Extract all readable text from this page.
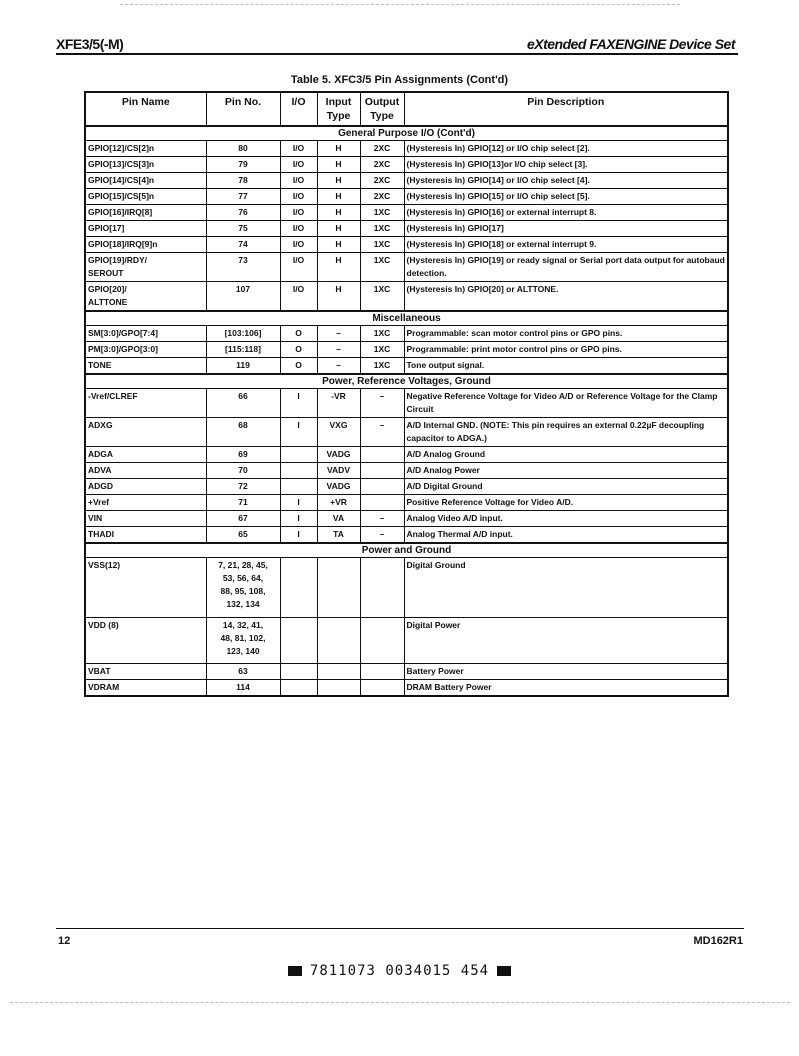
XFE3/5(-M)	eXtended FAXENGINE Device Set
Table 5. XFC3/5 Pin Assignments (Cont'd)
Pin Name	Pin No.	I/O	Input Type	Output Type	Pin Description
General Purpose I/O (Cont'd)					
GPIO[12]/CS[2]n	80	I/O	H	2XC	(Hysteresis In) GPIO[12] or I/O chip select [2].
GPIO[13]/CS[3]n	79	I/O	H	2XC	(Hysteresis In) GPIO[13]or I/O chip select [3].
GPIO[14]/CS[4]n	78	I/O	H	2XC	(Hysteresis In) GPIO[14] or I/O chip select [4].
GPIO[15]/CS[5]n	77	I/O	H	2XC	(Hysteresis In) GPIO[15] or I/O chip select [5].
GPIO[16]/IRQ[8]	76	I/O	H	1XC	(Hysteresis In) GPIO[16] or external interrupt 8.
GPIO[17]	75	I/O	H	1XC	(Hysteresis In) GPIO[17]
GPIO[18]/IRQ[9]n	74	I/O	H	1XC	(Hysteresis In) GPIO[18] or external interrupt 9.
GPIO[19]/RDY/
SEROUT	73	I/O	H	1XC	(Hysteresis In) GPIO[19] or ready signal or Serial port data output for autobaud detection.
GPIO[20]/
ALTTONE	107	I/O	H	1XC	(Hysteresis In) GPIO[20] or ALTTONE.
Miscellaneous					
SM[3:0]/GPO[7:4]	[103:106]	O	–	1XC	Programmable: scan motor control pins or GPO pins.
PM[3:0]/GPO[3:0]	[115:118]	O	–	1XC	Programmable: print motor control pins or GPO pins.
TONE	119	O	–	1XC	Tone output signal.
Power, Reference Voltages, Ground					
-Vref/CLREF	66	I	-VR	–	Negative Reference Voltage for Video A/D or Reference Voltage for the Clamp Circuit
ADXG	68	I	VXG	–	A/D Internal GND. (NOTE: This pin requires an external 0.22µF decoupling capacitor to ADGA.)
ADGA	69		VADG		A/D Analog Ground
ADVA	70		VADV		A/D Analog Power
ADGD	72		VADG		A/D Digital Ground
+Vref	71	I	+VR		Positive Reference Voltage for Video A/D.
VIN	67	I	VA	–	Analog Video A/D input.
THADI	65	I	TA	–	Analog Thermal A/D input.
Power and Ground					
VSS(12)	7, 21, 28, 45,
53, 56, 64,
88, 95, 108,
132, 134				Digital Ground
VDD (8)	14, 32, 41,
48, 81, 102,
123, 140				Digital Power
VBAT	63				Battery Power
VDRAM	114				DRAM Battery Power
12	MD162R1
7811073 0034015 454
